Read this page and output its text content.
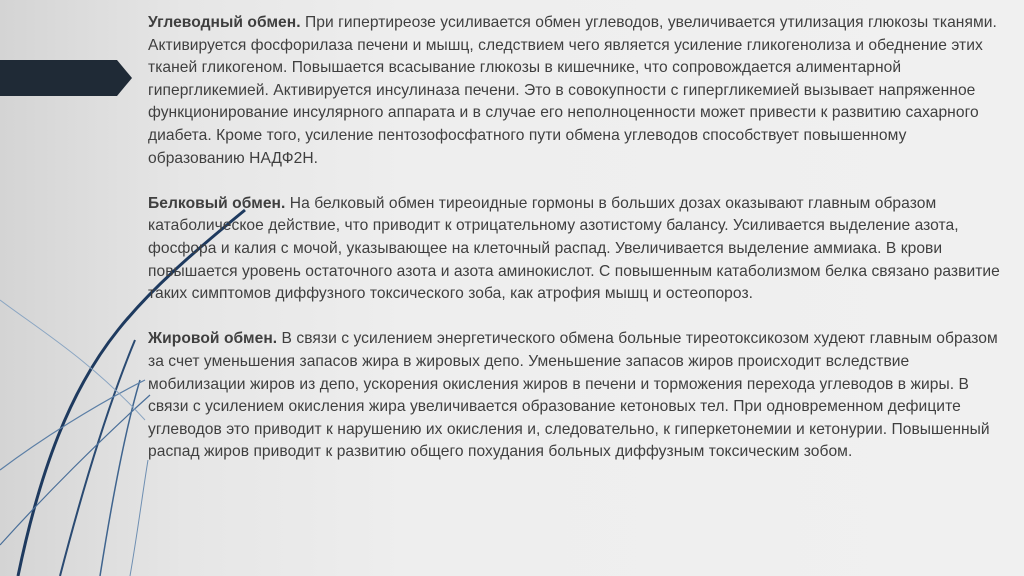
Углеводный обмен. При гипертиреозе усиливается обмен углеводов, увеличивается утилизация глюкозы тканями. Активируется фосфорилаза печени и мышц, следствием чего является усиление гликогенолиза и обеднение этих тканей гликогеном. Повышается всасывание глюкозы в кишечнике, что сопровождается алиментарной гипергликемией. Активируется инсулиназа печени. Это в совокупности с гипергликемией вызывает напряженное функционирование инсулярного аппарата и в случае его неполноценности может привести к развитию сахарного диабета. Кроме того, усиление пентозофосфатного пути обмена углеводов способствует повышенному образованию НАДФ2Н.

Белковый обмен. На белковый обмен тиреоидные гормоны в больших дозах оказывают главным образом катаболическое действие, что приводит к отрицательному азотистому балансу. Усиливается выделение азота, фосфора и калия с мочой, указывающее на клеточный распад. Увеличивается выделение аммиака. В крови повышается уровень остаточного азота и азота аминокислот. С повышенным катаболизмом белка связано развитие таких симптомов диффузного токсического зоба, как атрофия мышц и остеопороз.

Жировой обмен. В связи с усилением энергетического обмена больные тиреотоксикозом худеют главным образом за счет уменьшения запасов жира в жировых депо. Уменьшение запасов жиров происходит вследствие мобилизации жиров из депо, ускорения окисления жиров в печени и торможения перехода углеводов в жиры. В связи с усилением окисления жира увеличивается образование кетоновых тел. При одновременном дефиците углеводов это приводит к нарушению их окисления и, следовательно, к гиперкетонемии и кетонурии. Повышенный распад жиров приводит к развитию общего похудания больных диффузным токсическим зобом.
